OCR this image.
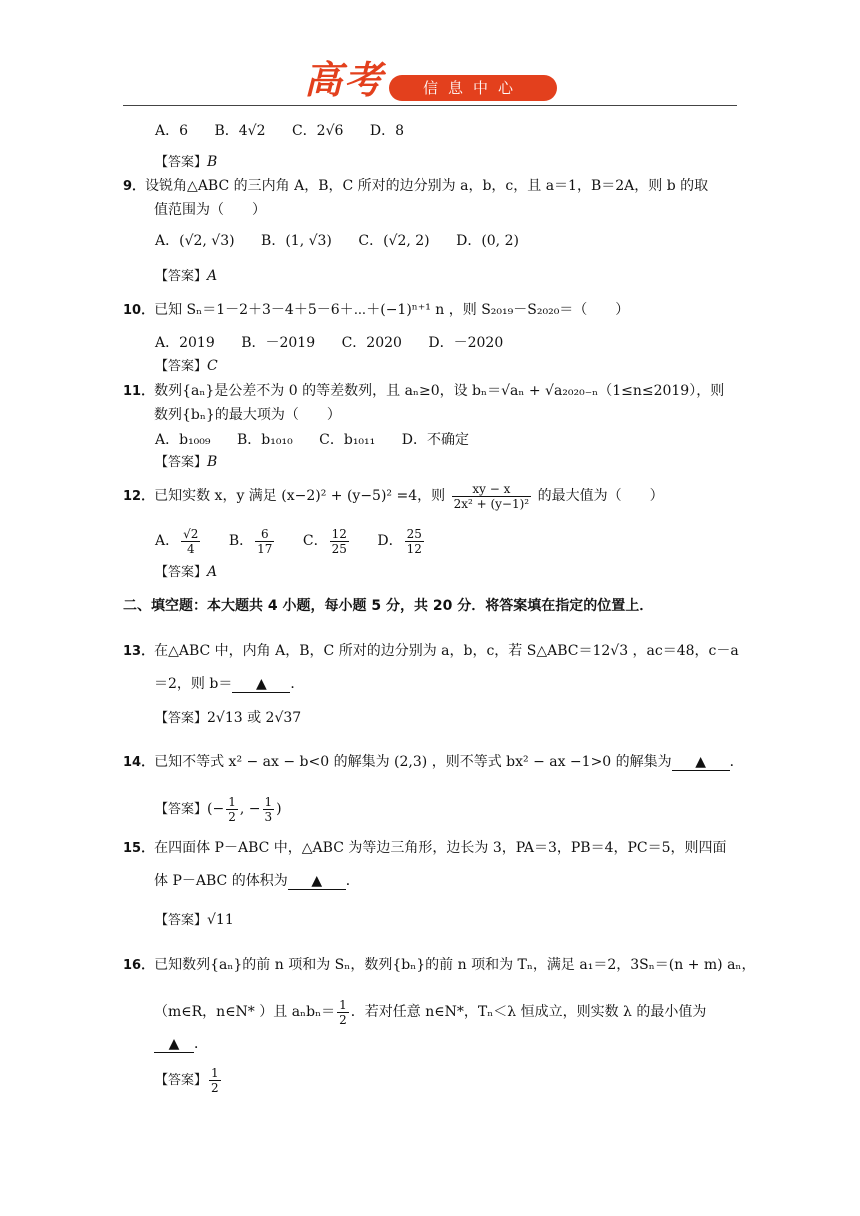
高考	信息中心
A．6 B．4√2 C．2√6 D．8
【答案】B
9．设锐角△ABC 的三内角 A，B，C 所对的边分别为 a，b，c，且 a＝1，B＝2A，则 b 的取
值范围为（　　）
A．(√2, √3) B．(1, √3) C．(√2, 2) D．(0, 2)
【答案】A
10．已知 Sₙ＝1－2＋3－4＋5－6＋⋯＋(−1)ⁿ⁺¹ n ，则 S₂₀₁₉－S₂₀₂₀＝（　　）
A．2019 B．－2019 C．2020 D．－2020
【答案】C
11．数列{aₙ}是公差不为 0 的等差数列，且 aₙ≥0，设 bₙ＝√aₙ + √a₂₀₂₀₋ₙ（1≤n≤2019），则
数列{bₙ}的最大项为（　　）
A．b₁₀₀₉ B．b₁₀₁₀ C．b₁₀₁₁ D．不确定
【答案】B
12．已知实数 x，y 满足 (x−2)² + (y−5)² =4，则 $\frac{xy - x}{\text{2x² + (y−1)²}}$ 的最大值为（　　）
A． $\frac{√2}{4}$ B． $\frac{6}{17}$ C． $\frac{12}{25}$ D． $\frac{25}{12}$
【答案】A
二、填空题：本大题共 4 小题，每小题 5 分，共 20 分．将答案填在指定的位置上．
13．在△ABC 中，内角 A，B，C 所对的边分别为 a，b，c，若 S△ABC＝12√3 ，ac＝48，c－a
＝2，则 b＝ ▲ ．
【答案】2√13 或 2√37
14．已知不等式 x² − ax − b<0 的解集为 (2,3) ，则不等式 bx² − ax −1>0 的解集为 ▲ ．
【答案】(− $\frac{1}{2}$ , − $\frac{1}{3}$ )
15．在四面体 P－ABC 中，△ABC 为等边三角形，边长为 3，PA＝3，PB＝4，PC＝5，则四面
体 P－ABC 的体积为 ▲ ．
【答案】√11
16．已知数列{aₙ}的前 n 项和为 Sₙ，数列{bₙ}的前 n 项和为 Tₙ，满足 a₁＝2，3Sₙ＝(n + m) aₙ，
（m∈R，n∈N* ）且 $a_nb_n= \frac{1}{2}$ ．若对任意 n∈N*，Tₙ＜λ 恒成立，则实数 λ 的最小值为
▲ ．
【答案】 $\frac{1}{2}$
